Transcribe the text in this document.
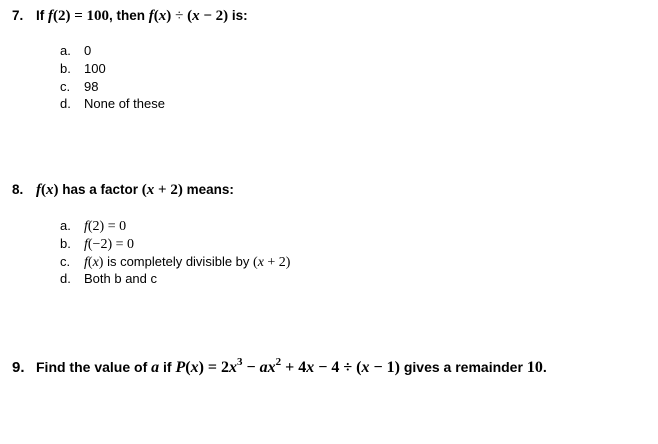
7. If f(2) = 100, then f(x) ÷ (x − 2) is:
a. 0
b. 100
c. 98
d. None of these
8. f(x) has a factor (x + 2) means:
a. f(2) = 0
b. f(−2) = 0
c. f(x) is completely divisible by (x + 2)
d. Both b and c
9. Find the value of a if $P(x) = 2x^3 - ax^2 + 4x - 4 \div (x - 1)$ gives a remainder 10.
